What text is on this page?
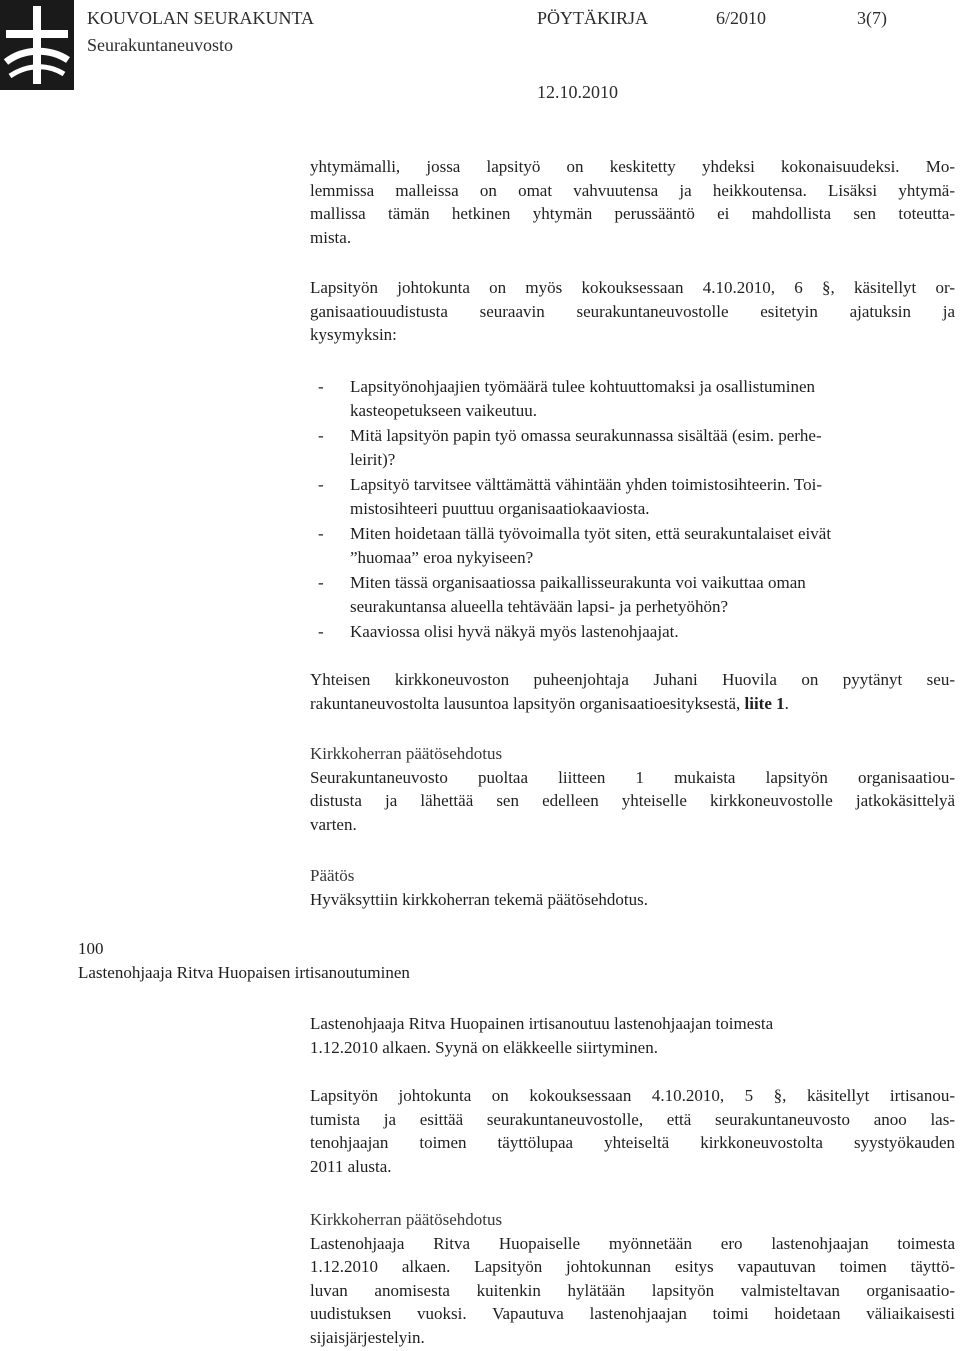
KOUVOLAN SEURAKUNTA	PÖYTÄKIRJA	6/2010	3(7)
Seurakuntaneuvosto
12.10.2010
yhtymämalli, jossa lapsityö on keskitetty yhdeksi kokonaisuudeksi. Mo-
lemmissa malleissa on omat vahvuutensa ja heikkoutensa. Lisäksi yhtymä-
mallissa tämän hetkinen yhtymän perussääntö ei mahdollista sen toteutta-
mista.
Lapsityön johtokunta on myös kokouksessaan 4.10.2010, 6 §, käsitellyt or-
ganisaatiouudistusta seuraavin seurakuntaneuvostolle esitetyin ajatuksin ja
kysymyksin:
- Lapsityönohjaajien työmäärä tulee kohtuuttomaksi ja osallistuminen
kasteopetukseen vaikeutuu.
- Mitä lapsityön papin työ omassa seurakunnassa sisältää (esim. perhe-
leirit)?
- Lapsityö tarvitsee välttämättä vähintään yhden toimistosihteerin. Toi-
mistosihteeri puuttuu organisaatiokaaviosta.
- Miten hoidetaan tällä työvoimalla työt siten, että seurakuntalaiset eivät
”huomaa” eroa nykyiseen?
- Miten tässä organisaatiossa paikallisseurakunta voi vaikuttaa oman
seurakuntansa alueella tehtävään lapsi- ja perhetyöhön?
- Kaaviossa olisi hyvä näkyä myös lastenohjaajat.
Yhteisen kirkkoneuvoston puheenjohtaja Juhani Huovila on pyytänyt seu-
rakuntaneuvostolta lausuntoa lapsityön organisaatioesityksestä, liite 1.
Kirkkoherran päätösehdotus
Seurakuntaneuvosto puoltaa liitteen 1 mukaista lapsityön organisaatiou-
distusta ja lähettää sen edelleen yhteiselle kirkkoneuvostolle jatkokäsittelyä
varten.
Päätös
Hyväksyttiin kirkkoherran tekemä päätösehdotus.
100
Lastenohjaaja Ritva Huopaisen irtisanoutuminen
Lastenohjaaja Ritva Huopainen irtisanoutuu lastenohjaajan toimesta
1.12.2010 alkaen. Syynä on eläkkeelle siirtyminen.
Lapsityön johtokunta on kokouksessaan 4.10.2010, 5 §, käsitellyt irtisanou-
tumista ja esittää seurakuntaneuvostolle, että seurakuntaneuvosto anoo las-
tenohjaajan toimen täyttölupaa yhteiseltä kirkkoneuvostolta syystyökauden
2011 alusta.
Kirkkoherran päätösehdotus
Lastenohjaaja Ritva Huopaiselle myönnetään ero lastenohjaajan toimesta
1.12.2010 alkaen. Lapsityön johtokunnan esitys vapautuvan toimen täyttö-
luvan anomisesta kuitenkin hylätään lapsityön valmisteltavan organisaatio-
uudistuksen vuoksi. Vapautuva lastenohjaajan toimi hoidetaan väliaikaisesti
sijaisjärjestelyin.
